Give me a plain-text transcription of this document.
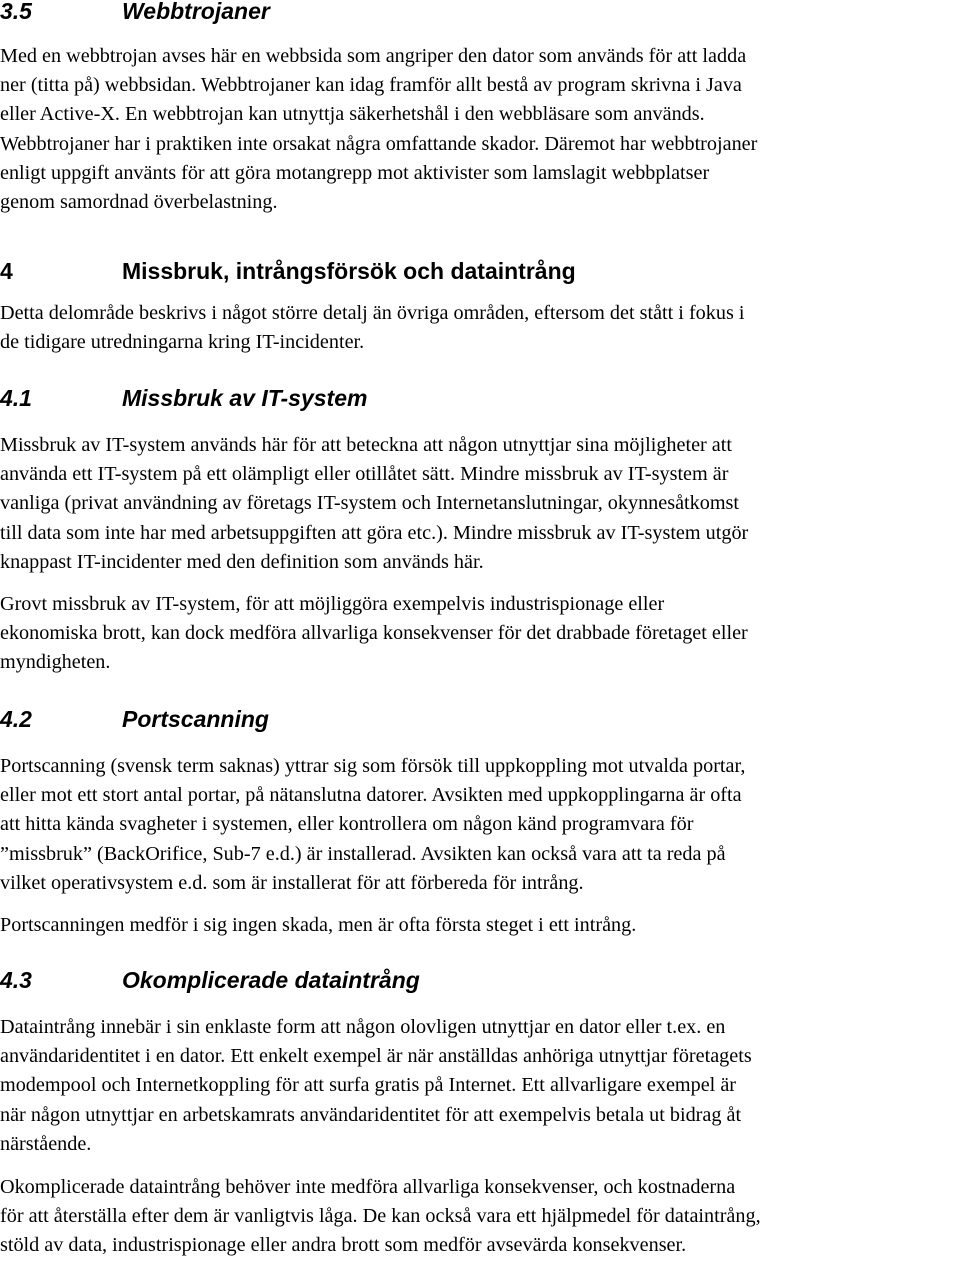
3.5	Webbtrojaner
Med en webbtrojan avses här en webbsida som angriper den dator som används för att ladda
ner (titta på) webbsidan. Webbtrojaner kan idag framför allt bestå av program skrivna i Java
eller Active-X. En webbtrojan kan utnyttja säkerhetshål i den webbläsare som används.
Webbtrojaner har i praktiken inte orsakat några omfattande skador. Däremot har webbtrojaner
enligt uppgift använts för att göra motangrepp mot aktivister som lamslagit webbplatser
genom samordnad överbelastning.
4	Missbruk, intrångsförsök och dataintrång
Detta delområde beskrivs i något större detalj än övriga områden, eftersom det stått i fokus i
de tidigare utredningarna kring IT-incidenter.
4.1	Missbruk av IT-system
Missbruk av IT-system används här för att beteckna att någon utnyttjar sina möjligheter att
använda ett IT-system på ett olämpligt eller otillåtet sätt. Mindre missbruk av IT-system är
vanliga (privat användning av företags IT-system och Internetanslutningar, okynnesåtkomst
till data som inte har med arbetsuppgiften att göra etc.). Mindre missbruk av IT-system utgör
knappast IT-incidenter med den definition som används här.
Grovt missbruk av IT-system, för att möjliggöra exempelvis industrispionage eller
ekonomiska brott, kan dock medföra allvarliga konsekvenser för det drabbade företaget eller
myndigheten.
4.2	Portscanning
Portscanning (svensk term saknas) yttrar sig som försök till uppkoppling mot utvalda portar,
eller mot ett stort antal portar, på nätanslutna datorer. Avsikten med uppkopplingarna är ofta
att hitta kända svagheter i systemen, eller kontrollera om någon känd programvara för
”missbruk” (BackOrifice, Sub-7 e.d.) är installerad. Avsikten kan också vara att ta reda på
vilket operativsystem e.d. som är installerat för att förbereda för intrång.
Portscanningen medför i sig ingen skada, men är ofta första steget i ett intrång.
4.3	Okomplicerade dataintrång
Dataintrång innebär i sin enklaste form att någon olovligen utnyttjar en dator eller t.ex. en
användaridentitet i en dator. Ett enkelt exempel är när anställdas anhöriga utnyttjar företagets
modempool och Internetkoppling för att surfa gratis på Internet. Ett allvarligare exempel är
när någon utnyttjar en arbetskamrats användaridentitet för att exempelvis betala ut bidrag åt
närstående.
Okomplicerade dataintrång behöver inte medföra allvarliga konsekvenser, och kostnaderna
för att återställa efter dem är vanligtvis låga. De kan också vara ett hjälpmedel för dataintrång,
stöld av data, industrispionage eller andra brott som medför avsevärda konsekvenser.
